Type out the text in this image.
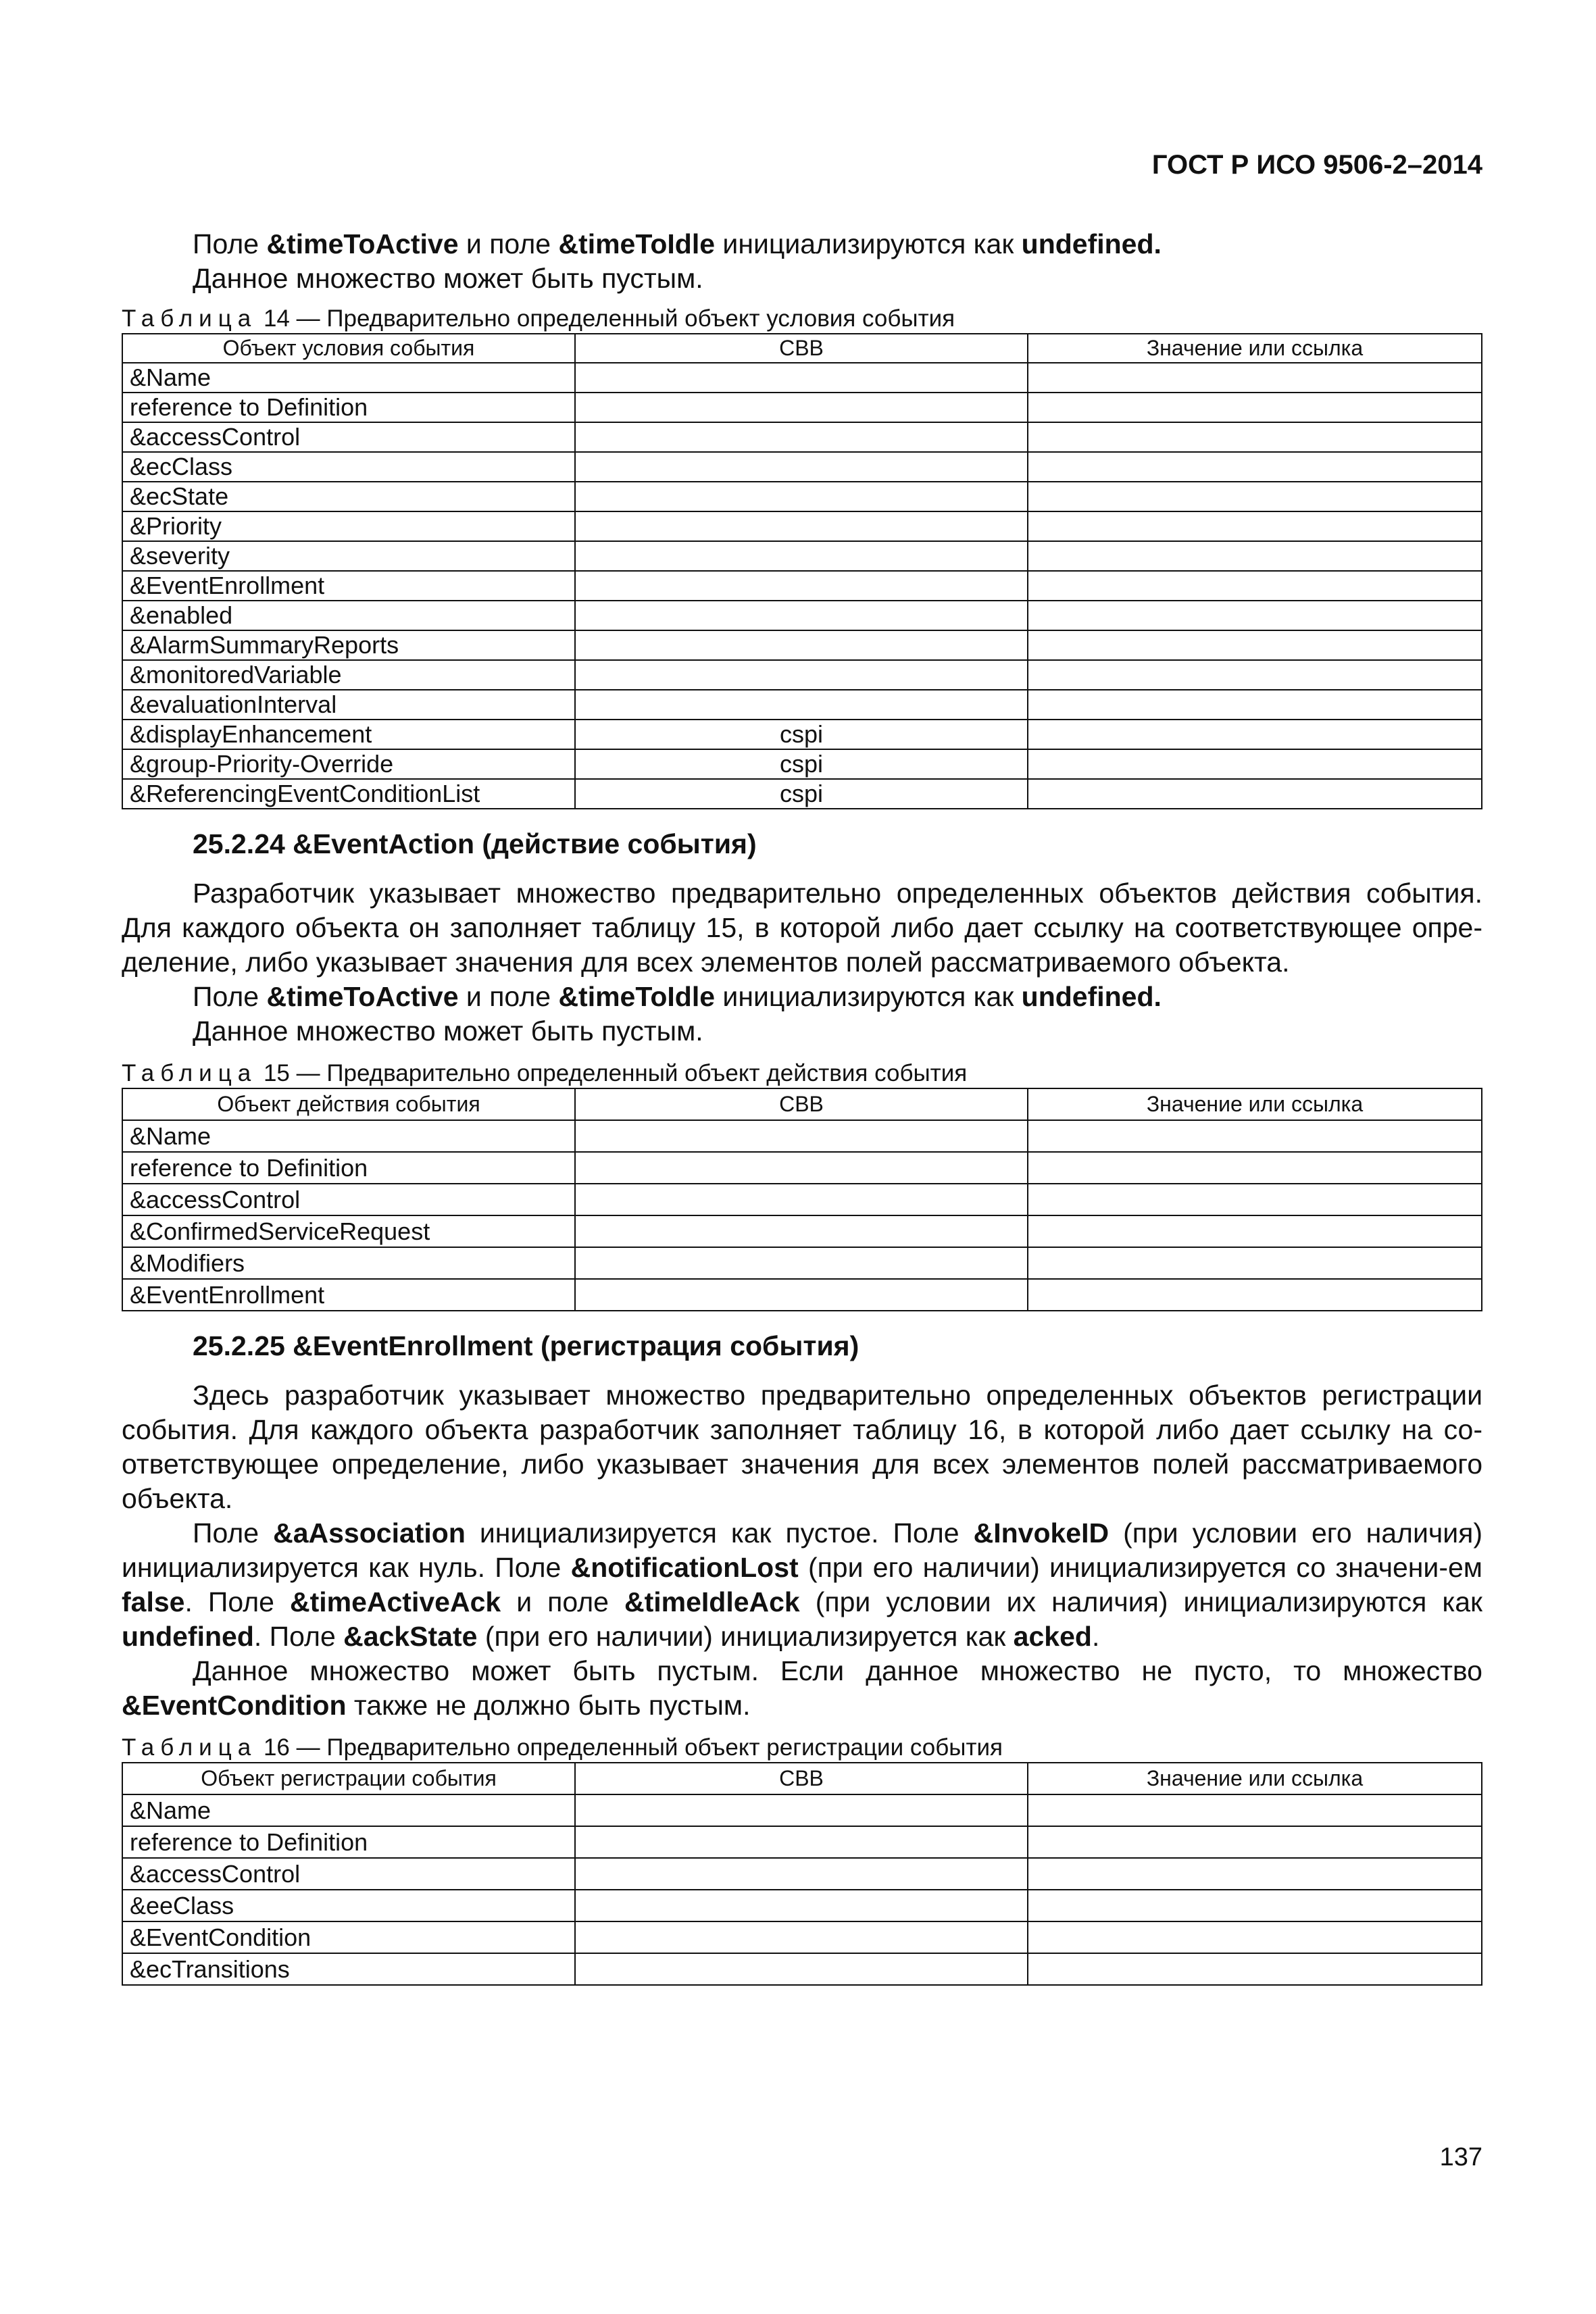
ГОСТ Р ИСО 9506-2–2014

Поле &timeToActive и поле &timeToIdle инициализируются как undefined.

Данное множество может быть пустым.

Таблица 14 — Предварительно определенный объект условия события
Объект условия события	СВВ	Значение или ссылка
&Name		
reference to Definition		
&accessControl		
&ecClass		
&ecState		
&Priority		
&severity		
&EventEnrollment		
&enabled		
&AlarmSummaryReports		
&monitoredVariable		
&evaluationInterval		
&displayEnhancement	cspi	
&group-Priority-Override	cspi	
&ReferencingEventConditionList	cspi	

25.2.24 &EventAction (действие события)

Разработчик указывает множество предварительно определенных объектов действия события. Для каждого объекта он заполняет таблицу 15, в которой либо дает ссылку на соответствующее опре-деление, либо указывает значения для всех элементов полей рассматриваемого объекта.

Поле &timeToActive и поле &timeToIdle инициализируются как undefined.

Данное множество может быть пустым.

Таблица 15 — Предварительно определенный объект действия события
Объект действия события	СВВ	Значение или ссылка
&Name		
reference to Definition		
&accessControl		
&ConfirmedServiceRequest		
&Modifiers		
&EventEnrollment		

25.2.25 &EventEnrollment (регистрация события)

Здесь разработчик указывает множество предварительно определенных объектов регистрации события. Для каждого объекта разработчик заполняет таблицу 16, в которой либо дает ссылку на со-ответствующее определение, либо указывает значения для всех элементов полей рассматриваемого объекта.

Поле &aAssociation инициализируется как пустое. Поле &InvokeID (при условии его наличия) инициализируется как нуль. Поле &notificationLost (при его наличии) инициализируется со значени-ем false. Поле &timeActiveAck и поле &timeIdleAck (при условии их наличия) инициализируются как undefined. Поле &ackState (при его наличии) инициализируется как acked.

Данное множество может быть пустым. Если данное множество не пусто, то множество &EventCondition также не должно быть пустым.

Таблица 16 — Предварительно определенный объект регистрации события
Объект регистрации события	СВВ	Значение или ссылка
&Name		
reference to Definition		
&accessControl		
&eeClass		
&EventCondition		
&ecTransitions		
137
